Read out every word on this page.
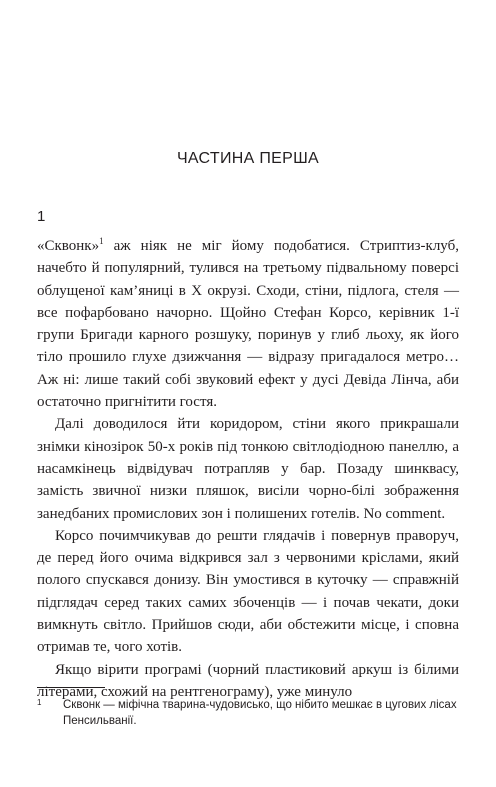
ЧАСТИНА ПЕРША
1

«Сквонк»$^1$ аж ніяк не міг йому подобатися. Стриптиз-клуб, начебто й популярний, тулився на третьому підвальному поверсі облущеної кам’яниці в X окрузі. Сходи, стіни, підлога, стеля — все пофарбовано начорно. Щойно Стефан Корсо, керівник 1-ї групи Бригади карного розшуку, поринув у глиб льоху, як його тіло прошило глухе дзижчання — відразу пригадалося метро… Аж ні: лише такий собі звуковий ефект у дусі Девіда Лінча, аби остаточно пригнітити гостя.

Далі доводилося йти коридором, стіни якого прикрашали знімки кінозірок 50-х років під тонкою світлодіодною панеллю, а насамкінець відвідувач потрапляв у бар. Позаду шинквасу, замість звичної низки пляшок, висіли чорно-білі зображення занедбаних промислових зон і полишених готелів. No comment.

Корсо почимчикував до решти глядачів і повернув праворуч, де перед його очима відкрився зал з червоними кріслами, який полого спускався донизу. Він умостився в куточку — справжній підглядач серед таких самих збоченців — і почав чекати, доки вимкнуть світло. Прийшов сюди, аби обстежити місце, і сповна отримав те, чого хотів.

Якщо вірити програмі (чорний пластиковий аркуш із білими літерами, схожий на рентгенограму), уже минуло

1 Сквонк — міфічна тварина-чудовисько, що нібито мешкає в цугових лісах Пенсильванії.
